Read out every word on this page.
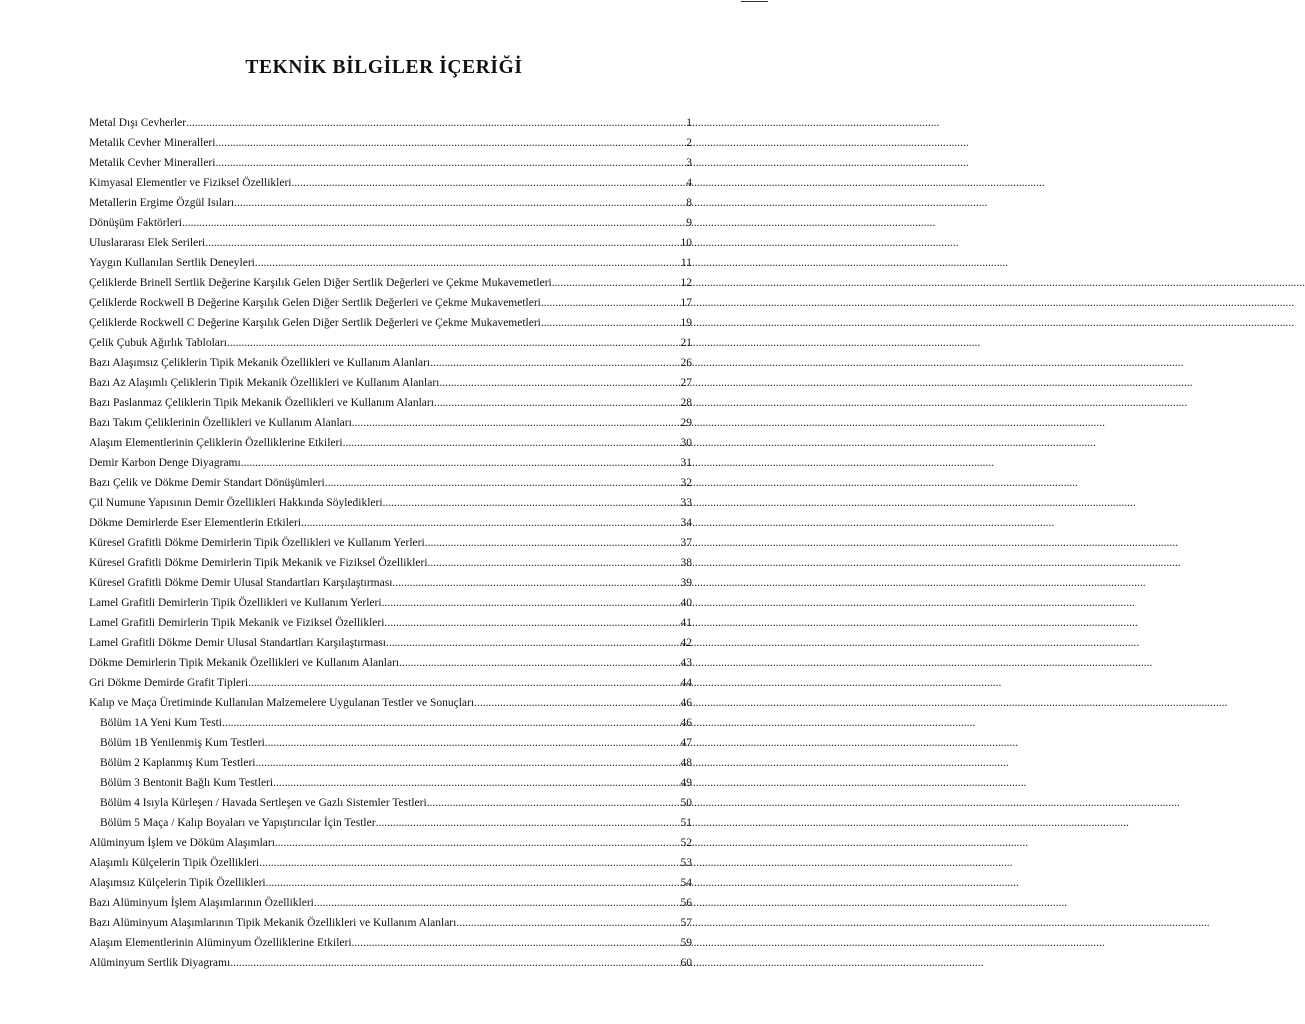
TEKNİK BİLGİLER İÇERİĞİ
Metal Dışı Cevherler .....	1
Metalik Cevher Mineralleri .....	2
Metalik Cevher Mineralleri .....	3
Kimyasal Elementler ve Fiziksel Özellikleri .....	4
Metallerin Ergime Özgül Isıları .....	8
Dönüşüm Faktörleri .....	9
Uluslararası Elek Serileri .....	10
Yaygın Kullanılan Sertlik Deneyleri .....	11
Çeliklerde Brinell Sertlik Değerine Karşılık Gelen Diğer Sertlik Değerleri ve Çekme Mukavemetleri .....	12
Çeliklerde Rockwell B Değerine Karşılık Gelen Diğer Sertlik Değerleri ve Çekme Mukavemetleri .....	17
Çeliklerde Rockwell C Değerine Karşılık Gelen Diğer Sertlik Değerleri ve Çekme Mukavemetleri .....	19
Çelik Çubuk Ağırlık Tabloları .....	21
Bazı Alaşımsız Çeliklerin Tipik Mekanik Özellikleri ve Kullanım Alanları .....	26
Bazı Az Alaşımlı Çeliklerin Tipik Mekanik Özellikleri ve Kullanım Alanları .....	27
Bazı Paslanmaz Çeliklerin Tipik Mekanik Özellikleri ve Kullanım Alanları .....	28
Bazı Takım Çeliklerinin Özellikleri ve Kullanım Alanları .....	29
Alaşım Elementlerinin Çeliklerin Özelliklerine Etkileri .....	30
Demir Karbon Denge Diyagramı .....	31
Bazı Çelik ve Dökme Demir Standart Dönüşümleri .....	32
Çil Numune Yapısının Demir Özellikleri Hakkında Söyledikleri .....	33
Dökme Demirlerde Eser Elementlerin Etkileri .....	34
Küresel Grafitli Dökme Demirlerin Tipik Özellikleri ve Kullanım Yerleri .....	37
Küresel Grafitli Dökme Demirlerin Tipik Mekanik ve Fiziksel Özellikleri .....	38
Küresel Grafitli Dökme Demir Ulusal Standartları Karşılaştırması .....	39
Lamel Grafitli Demirlerin Tipik Özellikleri ve Kullanım Yerleri .....	40
Lamel Grafitli Demirlerin Tipik Mekanik ve Fiziksel Özellikleri .....	41
Lamel Grafitli Dökme Demir Ulusal Standartları Karşılaştırması .....	42
Dökme Demirlerin Tipik Mekanik Özellikleri ve Kullanım Alanları .....	43
Gri Dökme Demirde Grafit Tipleri .....	44
Kalıp ve Maça Üretiminde Kullanılan Malzemelere Uygulanan Testler ve Sonuçları .....	46
Bölüm 1A Yeni Kum Testi .....	46
Bölüm 1B Yenilenmiş Kum Testleri .....	47
Bölüm 2 Kaplanmış Kum Testleri .....	48
Bölüm 3 Bentonit Bağlı Kum Testleri .....	49
Bölüm 4 Isıyla Kürleşen / Havada Sertleşen ve Gazlı Sistemler Testleri .....	50
Bölüm 5 Maça / Kalıp Boyaları ve Yapıştırıcılar İçin Testler .....	51
Alüminyum İşlem ve Döküm Alaşımları .....	52
Alaşımlı Külçelerin Tipik Özellikleri .....	53
Alaşımsız Külçelerin Tipik Özellikleri .....	54
Bazı Alüminyum İşlem Alaşımlarının Özellikleri .....	56
Bazı Alüminyum Alaşımlarının Tipik Mekanik Özellikleri ve Kullanım Alanları .....	57
Alaşım Elementlerinin Alüminyum Özelliklerine Etkileri .....	59
Alüminyum Sertlik Diyagramı .....	60
